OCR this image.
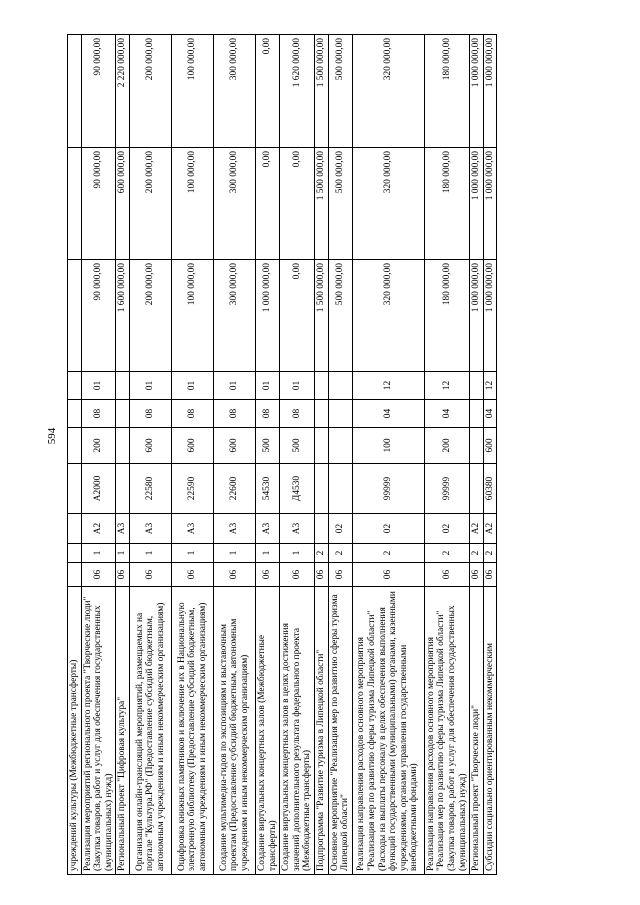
594
учреждений культуры (Межбюджетные трансферты)										
Реализация мероприятий регионального проекта "Творческие люди" (Закупка товаров, работ и услуг для обеспечения государственных (муниципальных) нужд)	06	1	А2	А2000	200	08	01	90 000,00	90 000,00	90 000,00
Региональный проект "Цифровая культура"	06	1	А3					1 600 000,00	600 000,00	2 220 000,00
Организация онлайн-трансляций мероприятий, размещаемых на портале "Культура.РФ" (Предоставление субсидий бюджетным, автономным учреждениям и иным некоммерческим организациям)	06	1	А3	22580	600	08	01	200 000,00	200 000,00	200 000,00
Оцифровка книжных памятников и включение их в Национальную электронную библиотеку (Предоставление субсидий бюджетным, автономным учреждениям и иным некоммерческим организациям)	06	1	А3	22590	600	08	01	100 000,00	100 000,00	100 000,00
Создание мультимедиа-гидов по экспозициям и выставочным проектам (Предоставление субсидий бюджетным, автономным учреждениям и иным некоммерческим организациям)	06	1	А3	22600	600	08	01	300 000,00	300 000,00	300 000,00
Создание виртуальных концертных залов (Межбюджетные трансферты)	06	1	А3	54530	500	08	01	1 000 000,00	0,00	0,00
Создание виртуальных концертных залов в целях достижения значений дополнительного результата федерального проекта (Межбюджетные трансферты)	06	1	А3	Д4530	500	08	01	0,00	0,00	1 620 000,00
Подпрограмма "Развитие туризма в Липецкой области"	06	2						1 500 000,00	1 500 000,00	1 500 000,00
Основное мероприятие "Реализация мер по развитию сферы туризма Липецкой области"	06	2	02					500 000,00	500 000,00	500 000,00
Реализация направления расходов основного мероприятия "Реализация мер по развитию сферы туризма Липецкой области" (Расходы на выплаты персоналу в целях обеспечения выполнения функций государственными (муниципальными) органами, казенными учреждениями, органами управления государственными внебюджетными фондами)	06	2	02	99999	100	04	12	320 000,00	320 000,00	320 000,00
Реализация направления расходов основного мероприятия "Реализация мер по развитию сферы туризма Липецкой области" (Закупка товаров, работ и услуг для обеспечения государственных (муниципальных) нужд)	06	2	02	99999	200	04	12	180 000,00	180 000,00	180 000,00
Региональный проект "Творческие люди"	06	2	А2					1 000 000,00	1 000 000,00	1 000 000,00
Субсидии социально ориентированным некоммерческим	06	2	А2	60380	600	04	12	1 000 000,00	1 000 000,00	1 000 000,00
